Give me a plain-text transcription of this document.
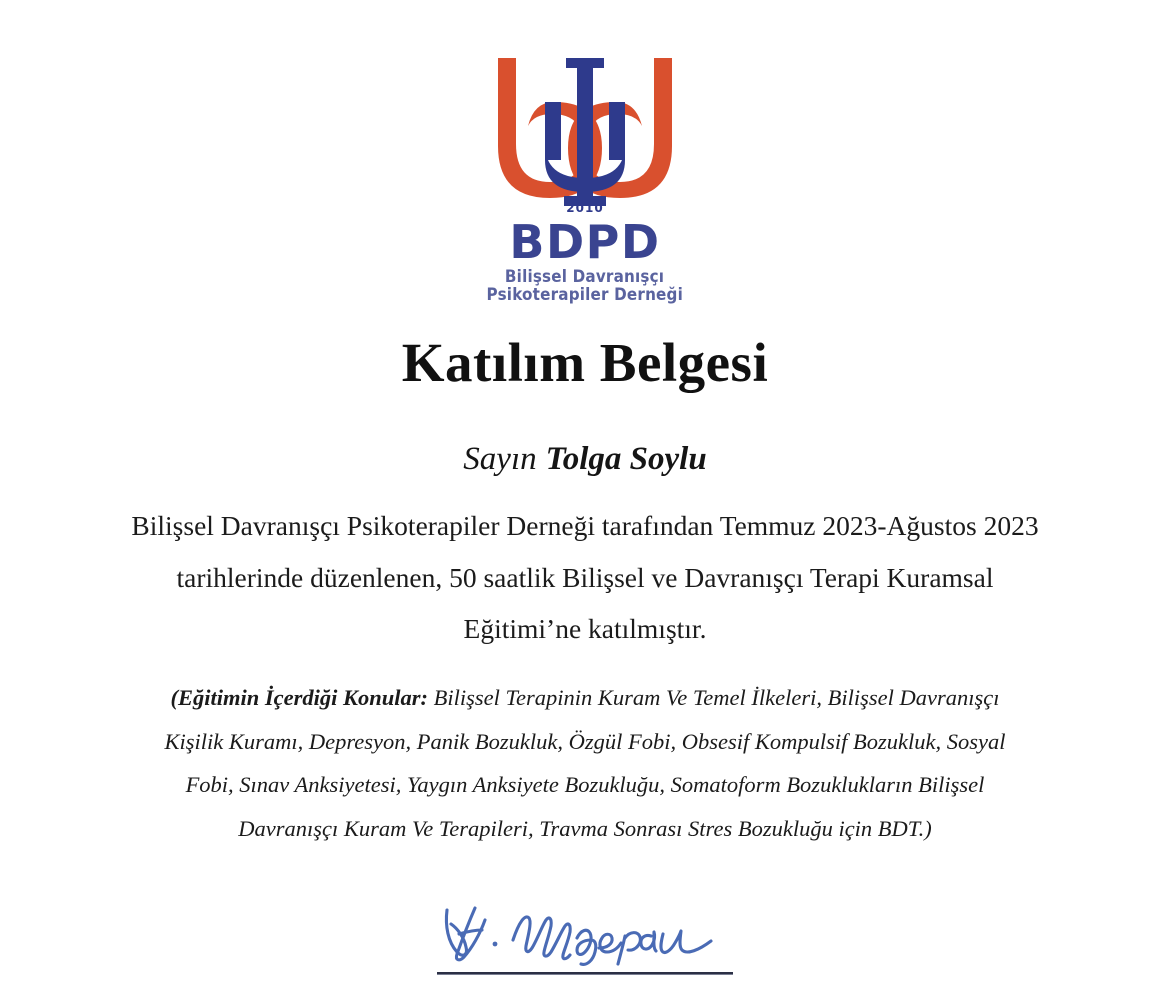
2010
BDPD
Bilişsel Davranışçı
Psikoterapiler Derneği
Katılım Belgesi
Sayın Tolga Soylu
Bilişsel Davranışçı Psikoterapiler Derneği tarafından Temmuz 2023-Ağustos 2023 tarihlerinde düzenlenen, 50 saatlik Bilişsel ve Davranışçı Terapi Kuramsal Eğitimi’ne katılmıştır.
(Eğitimin İçerdiği Konular: Bilişsel Terapinin Kuram Ve Temel İlkeleri, Bilişsel Davranışçı Kişilik Kuramı, Depresyon, Panik Bozukluk, Özgül Fobi, Obsesif Kompulsif Bozukluk, Sosyal Fobi, Sınav Anksiyetesi, Yaygın Anksiyete Bozukluğu, Somatoform Bozuklukların Bilişsel Davranışçı Kuram Ve Terapileri, Travma Sonrası Stres Bozukluğu için BDT.)
